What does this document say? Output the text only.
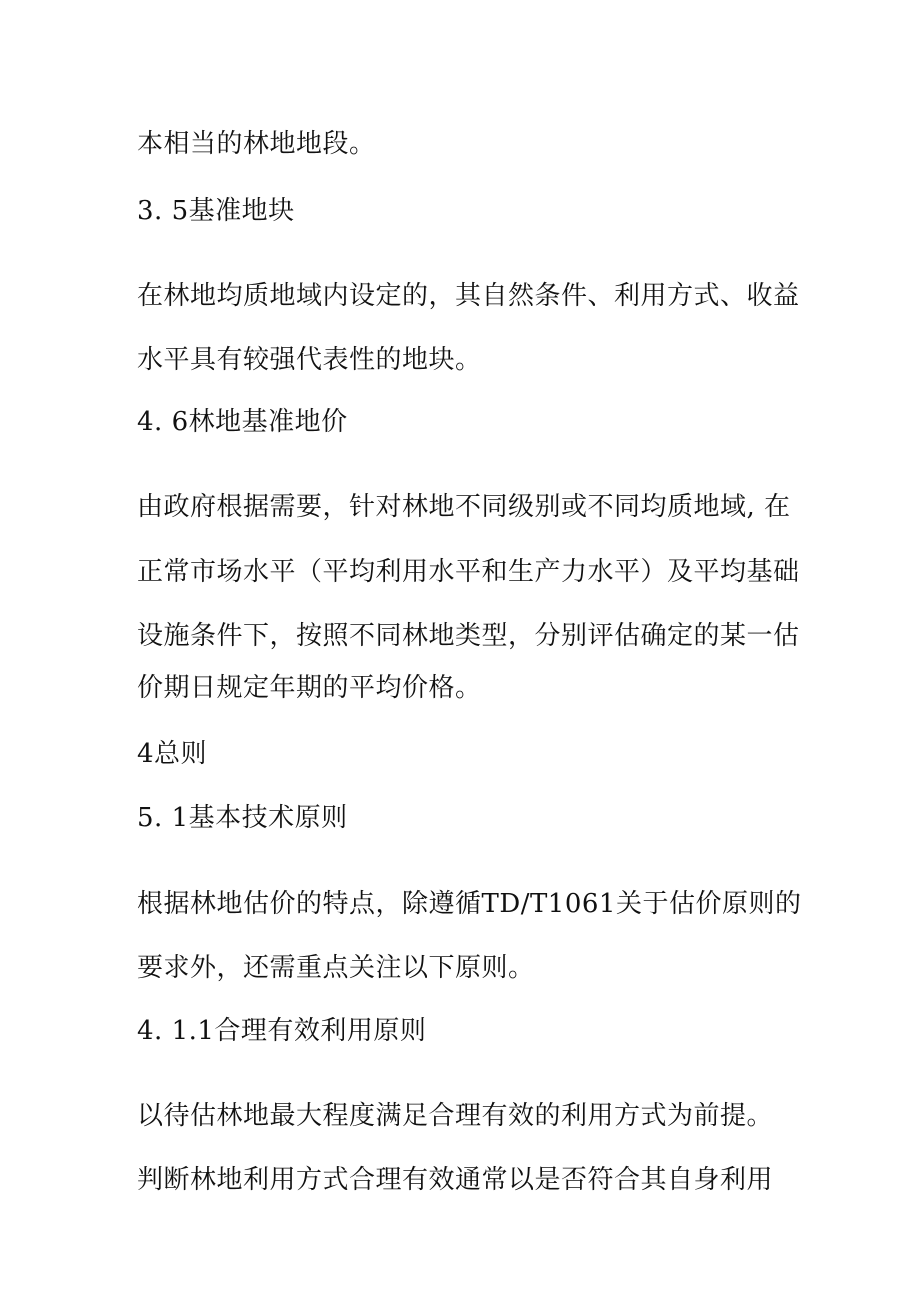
本相当的林地地段。
3. 5基准地块
在林地均质地域内设定的，其自然条件、利用方式、收益
水平具有较强代表性的地块。
4. 6林地基准地价
由政府根据需要，针对林地不同级别或不同均质地域, 在
正常市场水平（平均利用水平和生产力水平）及平均基础
设施条件下，按照不同林地类型，分别评估确定的某一估
价期日规定年期的平均价格。
4总则
5. 1基本技术原则
根据林地估价的特点，除遵循TD/T1061关于估价原则的
要求外，还需重点关注以下原则。
4. 1.1合理有效利用原则
以待估林地最大程度满足合理有效的利用方式为前提。
判断林地利用方式合理有效通常以是否符合其自身利用
